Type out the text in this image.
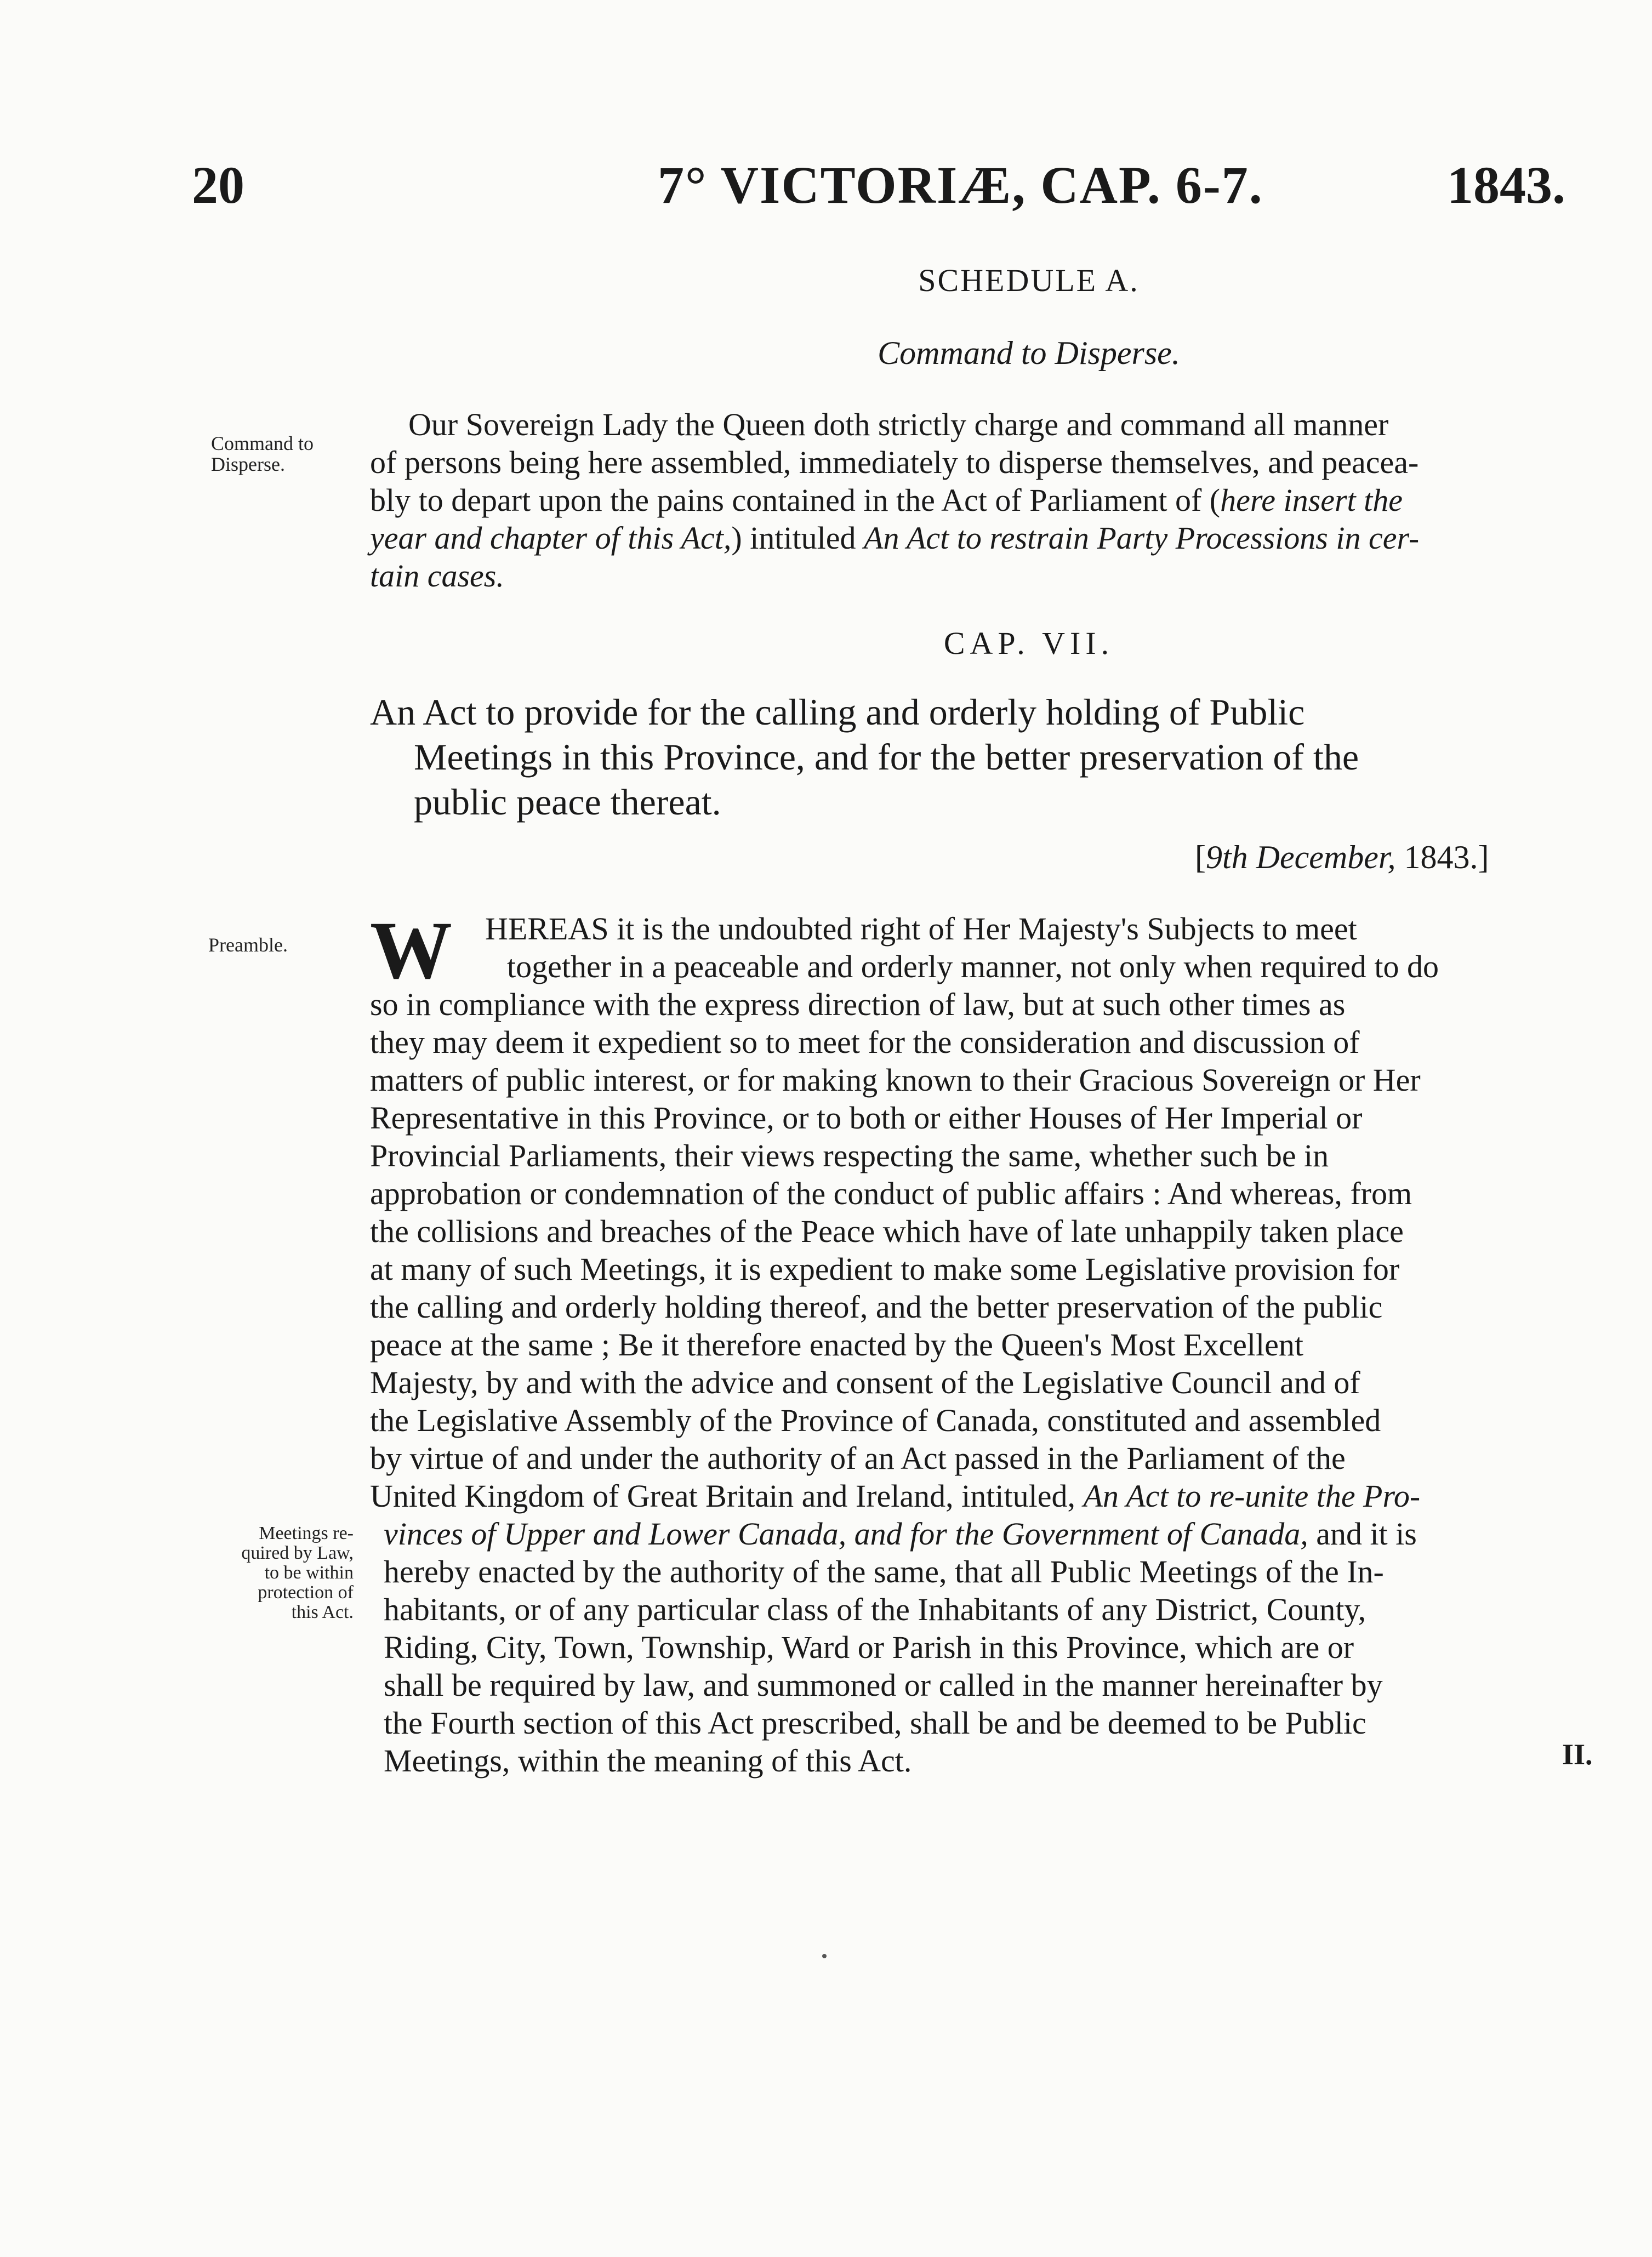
20	7° VICTORIÆ, CAP. 6-7.	1843.
SCHEDULE A.
Command to Disperse.
Command to
Disperse.
Our Sovereign Lady the Queen doth strictly charge and command all manner
of persons being here assembled, immediately to disperse themselves, and peacea-
bly to depart upon the pains contained in the Act of Parliament of (here insert the
year and chapter of this Act,) intituled An Act to restrain Party Processions in cer-
tain cases.
CAP. VII.
An Act to provide for the calling and orderly holding of Public
Meetings in this Province, and for the better preservation of the
public peace thereat.
[9th December, 1843.]
Preamble.	W	HEREAS it is the undoubted right of Her Majesty's Subjects to meet
together in a peaceable and orderly manner, not only when required to do
so in compliance with the express direction of law, but at such other times as
they may deem it expedient so to meet for the consideration and discussion of
matters of public interest, or for making known to their Gracious Sovereign or Her
Representative in this Province, or to both or either Houses of Her Imperial or
Provincial Parliaments, their views respecting the same, whether such be in
approbation or condemnation of the conduct of public affairs : And whereas, from
the collisions and breaches of the Peace which have of late unhappily taken place
at many of such Meetings, it is expedient to make some Legislative provision for
the calling and orderly holding thereof, and the better preservation of the public
peace at the same ; Be it therefore enacted by the Queen's Most Excellent
Majesty, by and with the advice and consent of the Legislative Council and of
the Legislative Assembly of the Province of Canada, constituted and assembled
by virtue of and under the authority of an Act passed in the Parliament of the
United Kingdom of Great Britain and Ireland, intituled, An Act to re-unite the Pro-
vinces of Upper and Lower Canada, and for the Government of Canada, and it is
hereby enacted by the authority of the same, that all Public Meetings of the In-
habitants, or of any particular class of the Inhabitants of any District, County,
Riding, City, Town, Township, Ward or Parish in this Province, which are or
shall be required by law, and summoned or called in the manner hereinafter by
the Fourth section of this Act prescribed, shall be and be deemed to be Public
Meetings, within the meaning of this Act.
Meetings re-
quired by Law,
to be within
protection of
this Act.
II.
